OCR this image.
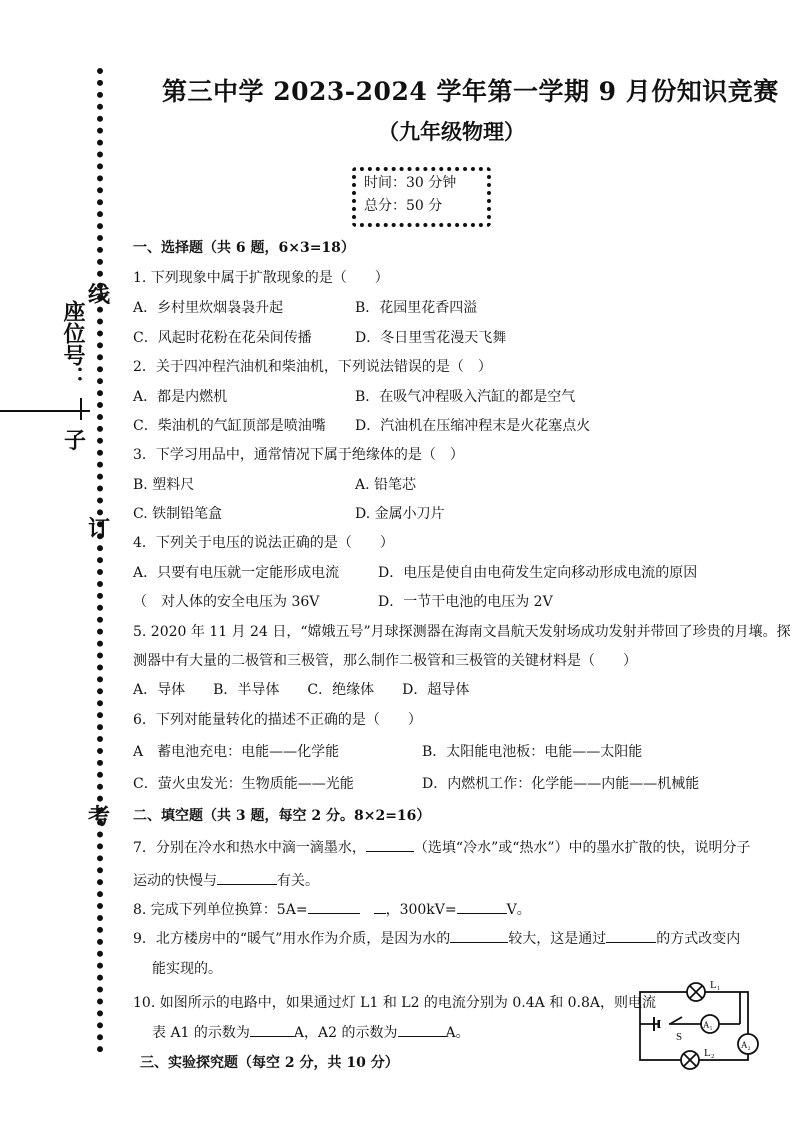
座位号：
线
子
订
考
第三中学 2023-2024 学年第一学期 9 月份知识竞赛
（九年级物理）
时间：30 分钟
总分：50 分
一、选择题（共 6 题，6×3=18）
1. 下列现象中属于扩散现象的是（　　）
A．乡村里炊烟袅袅升起	B．花园里花香四溢
C．风起时花粉在花朵间传播	D．冬日里雪花漫天飞舞
2．关于四冲程汽油机和柴油机，下列说法错误的是（　）
A．都是内燃机	B．在吸气冲程吸入汽缸的都是空气
C．柴油机的气缸顶部是喷油嘴 D．汽油机在压缩冲程末是火花塞点火
3．下学习用品中，通常情况下属于绝缘体的是（　）
B. 塑料尺	A. 铅笔芯
C. 铁制铅笔盒	D. 金属小刀片
4．下列关于电压的说法正确的是（　　）
A．只要有电压就一定能形成电流	D．电压是使自由电荷发生定向移动形成电流的原因
（　对人体的安全电压为 36V	D．一节干电池的电压为 2V
5. 2020 年 11 月 24 日，“嫦娥五号”月球探测器在海南文昌航天发射场成功发射并带回了珍贵的月壤。探
测器中有大量的二极管和三极管，那么制作二极管和三极管的关键材料是（　　）
A．导体　　B．半导体　　C．绝缘体　　D．超导体
6．下列对能量转化的描述不正确的是（　　）
A　蓄电池充电：电能——化学能	B．太阳能电池板：电能——太阳能
C．萤火虫发光：生物质能——光能	D．内燃机工作：化学能——内能——机械能
二、填空题（共 3 题，每空 2 分。8×2=16）
7．分别在冷水和热水中滴一滴墨水，	（选填“冷水”或“热水”）中的墨水扩散的快，说明分子
运动的快慢与	有关。
8. 完成下列单位换算：5A=　	，300kV=	V。
9．北方楼房中的“暖气”用水作为介质，是因为水的	较大，这是通过	的方式改变内
能实现的。
10. 如图所示的电路中，如果通过灯 L1 和 L2 的电流分别为 0.4A 和 0.8A，则电流
表 A1 的示数为	A，A2 的示数为	A。
三、实验探究题（每空 2 分，共 10 分）
L₁
L₂
A₁
A₂
S
